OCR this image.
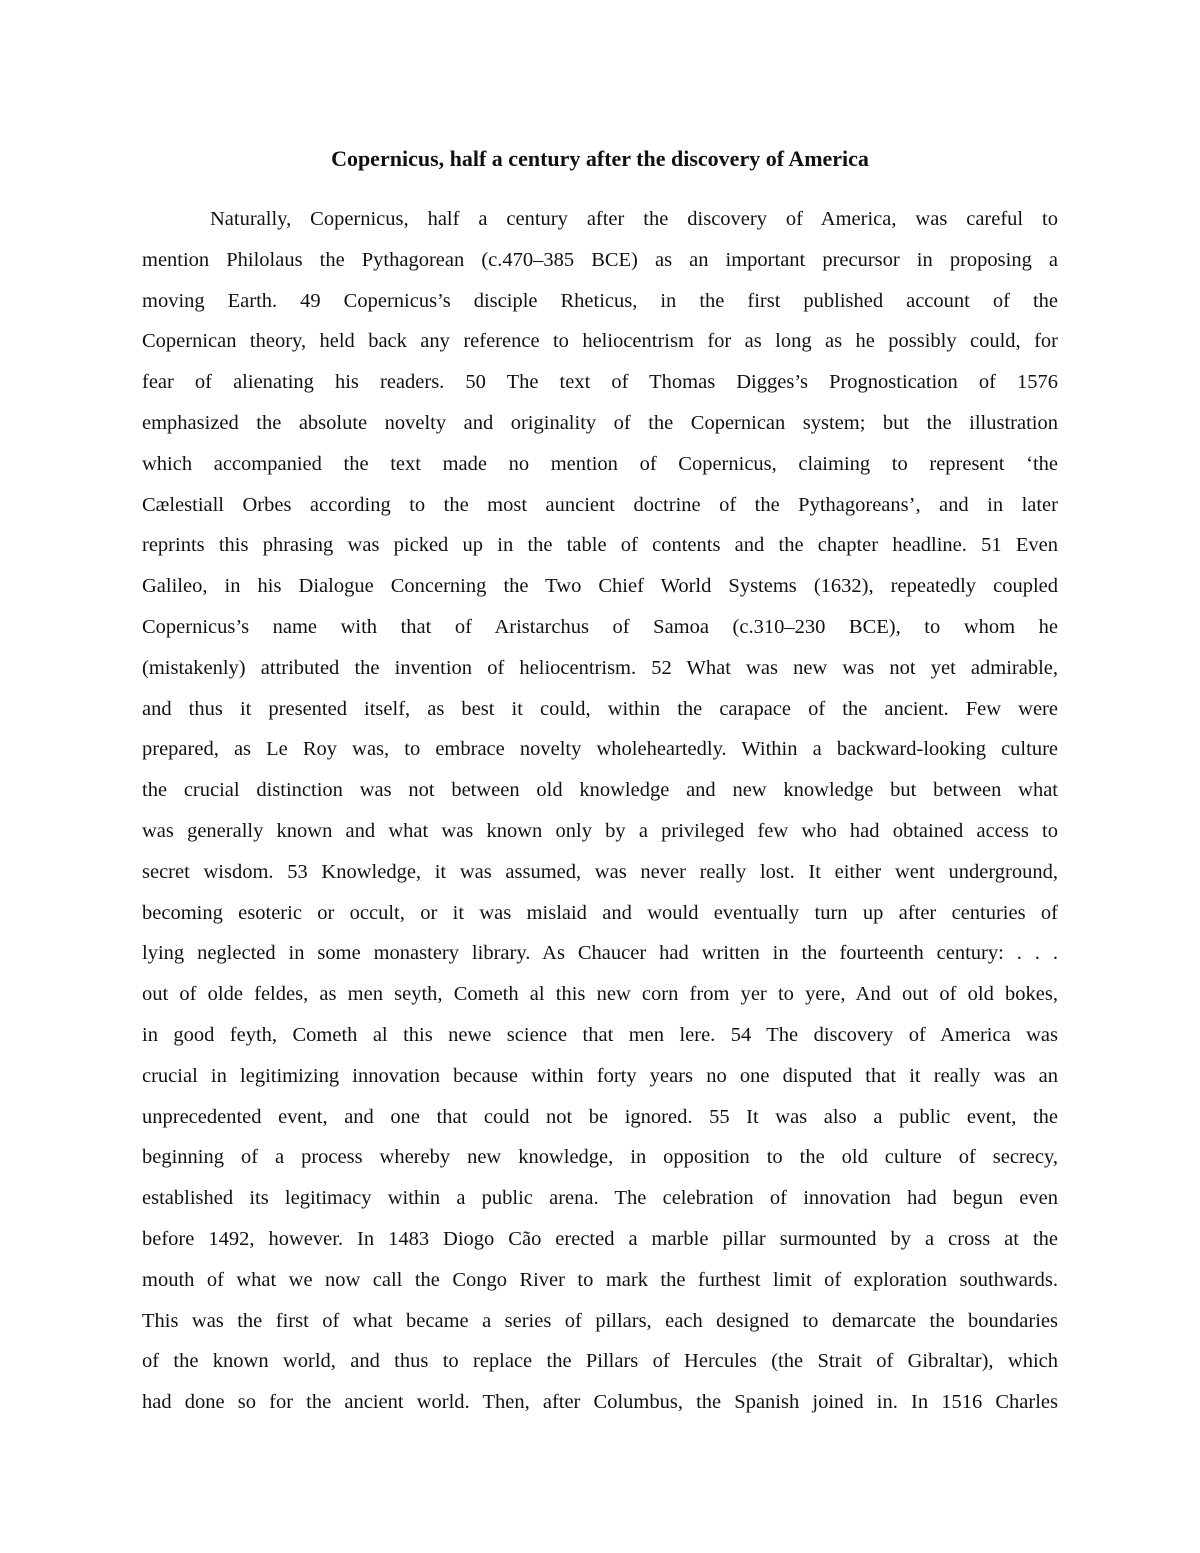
Copernicus, half a century after the discovery of America
Naturally, Copernicus, half a century after the discovery of America, was careful to
mention Philolaus the Pythagorean (c.470–385 BCE) as an important precursor in proposing a
moving Earth. 49 Copernicus’s disciple Rheticus, in the first published account of the
Copernican theory, held back any reference to heliocentrism for as long as he possibly could, for
fear of alienating his readers. 50 The text of Thomas Digges’s Prognostication of 1576
emphasized the absolute novelty and originality of the Copernican system; but the illustration
which accompanied the text made no mention of Copernicus, claiming to represent ‘the
Cælestiall Orbes according to the most auncient doctrine of the Pythagoreans’, and in later
reprints this phrasing was picked up in the table of contents and the chapter headline. 51 Even
Galileo, in his Dialogue Concerning the Two Chief World Systems (1632), repeatedly coupled
Copernicus’s name with that of Aristarchus of Samoa (c.310–230 BCE), to whom he
(mistakenly) attributed the invention of heliocentrism. 52 What was new was not yet admirable,
and thus it presented itself, as best it could, within the carapace of the ancient. Few were
prepared, as Le Roy was, to embrace novelty wholeheartedly. Within a backward-looking culture
the crucial distinction was not between old knowledge and new knowledge but between what
was generally known and what was known only by a privileged few who had obtained access to
secret wisdom. 53 Knowledge, it was assumed, was never really lost. It either went underground,
becoming esoteric or occult, or it was mislaid and would eventually turn up after centuries of
lying neglected in some monastery library. As Chaucer had written in the fourteenth century: . . .
out of olde feldes, as men seyth, Cometh al this new corn from yer to yere, And out of old bokes,
in good feyth, Cometh al this newe science that men lere. 54 The discovery of America was
crucial in legitimizing innovation because within forty years no one disputed that it really was an
unprecedented event, and one that could not be ignored. 55 It was also a public event, the
beginning of a process whereby new knowledge, in opposition to the old culture of secrecy,
established its legitimacy within a public arena. The celebration of innovation had begun even
before 1492, however. In 1483 Diogo Cão erected a marble pillar surmounted by a cross at the
mouth of what we now call the Congo River to mark the furthest limit of exploration southwards.
This was the first of what became a series of pillars, each designed to demarcate the boundaries
of the known world, and thus to replace the Pillars of Hercules (the Strait of Gibraltar), which
had done so for the ancient world. Then, after Columbus, the Spanish joined in. In 1516 Charles
